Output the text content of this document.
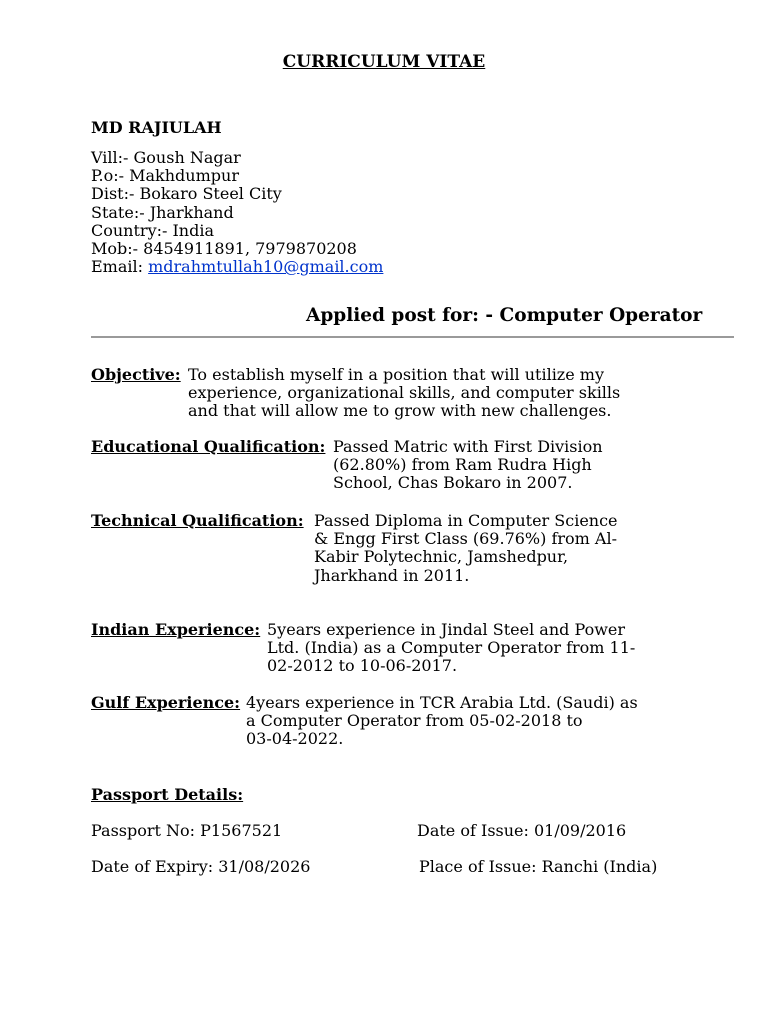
CURRICULUM VITAE
MD RAJIULAH
Vill:- Goush Nagar
P.o:- Makhdumpur
Dist:- Bokaro Steel City
State:- Jharkhand
Country:- India
Mob:- 8454911891, 7979870208
Email: mdrahmtullah10@gmail.com
Applied post for: - Computer Operator
Objective: To establish myself in a position that will utilize my
experience, organizational skills, and computer skills
and that will allow me to grow with new challenges.
Educational Qualification: Passed Matric with First Division
(62.80%) from Ram Rudra High
School, Chas Bokaro in 2007.
Technical Qualification: Passed Diploma in Computer Science
& Engg First Class (69.76%) from Al-
Kabir Polytechnic, Jamshedpur,
Jharkhand in 2011.
Indian Experience: 5years experience in Jindal Steel and Power
Ltd. (India) as a Computer Operator from 11-
02-2012 to 10-06-2017.
Gulf Experience: 4years experience in TCR Arabia Ltd. (Saudi) as
a Computer Operator from 05-02-2018 to
03-04-2022.
Passport Details:
Passport No: P1567521	Date of Issue: 01/09/2016
Date of Expiry: 31/08/2026	Place of Issue: Ranchi (India)
